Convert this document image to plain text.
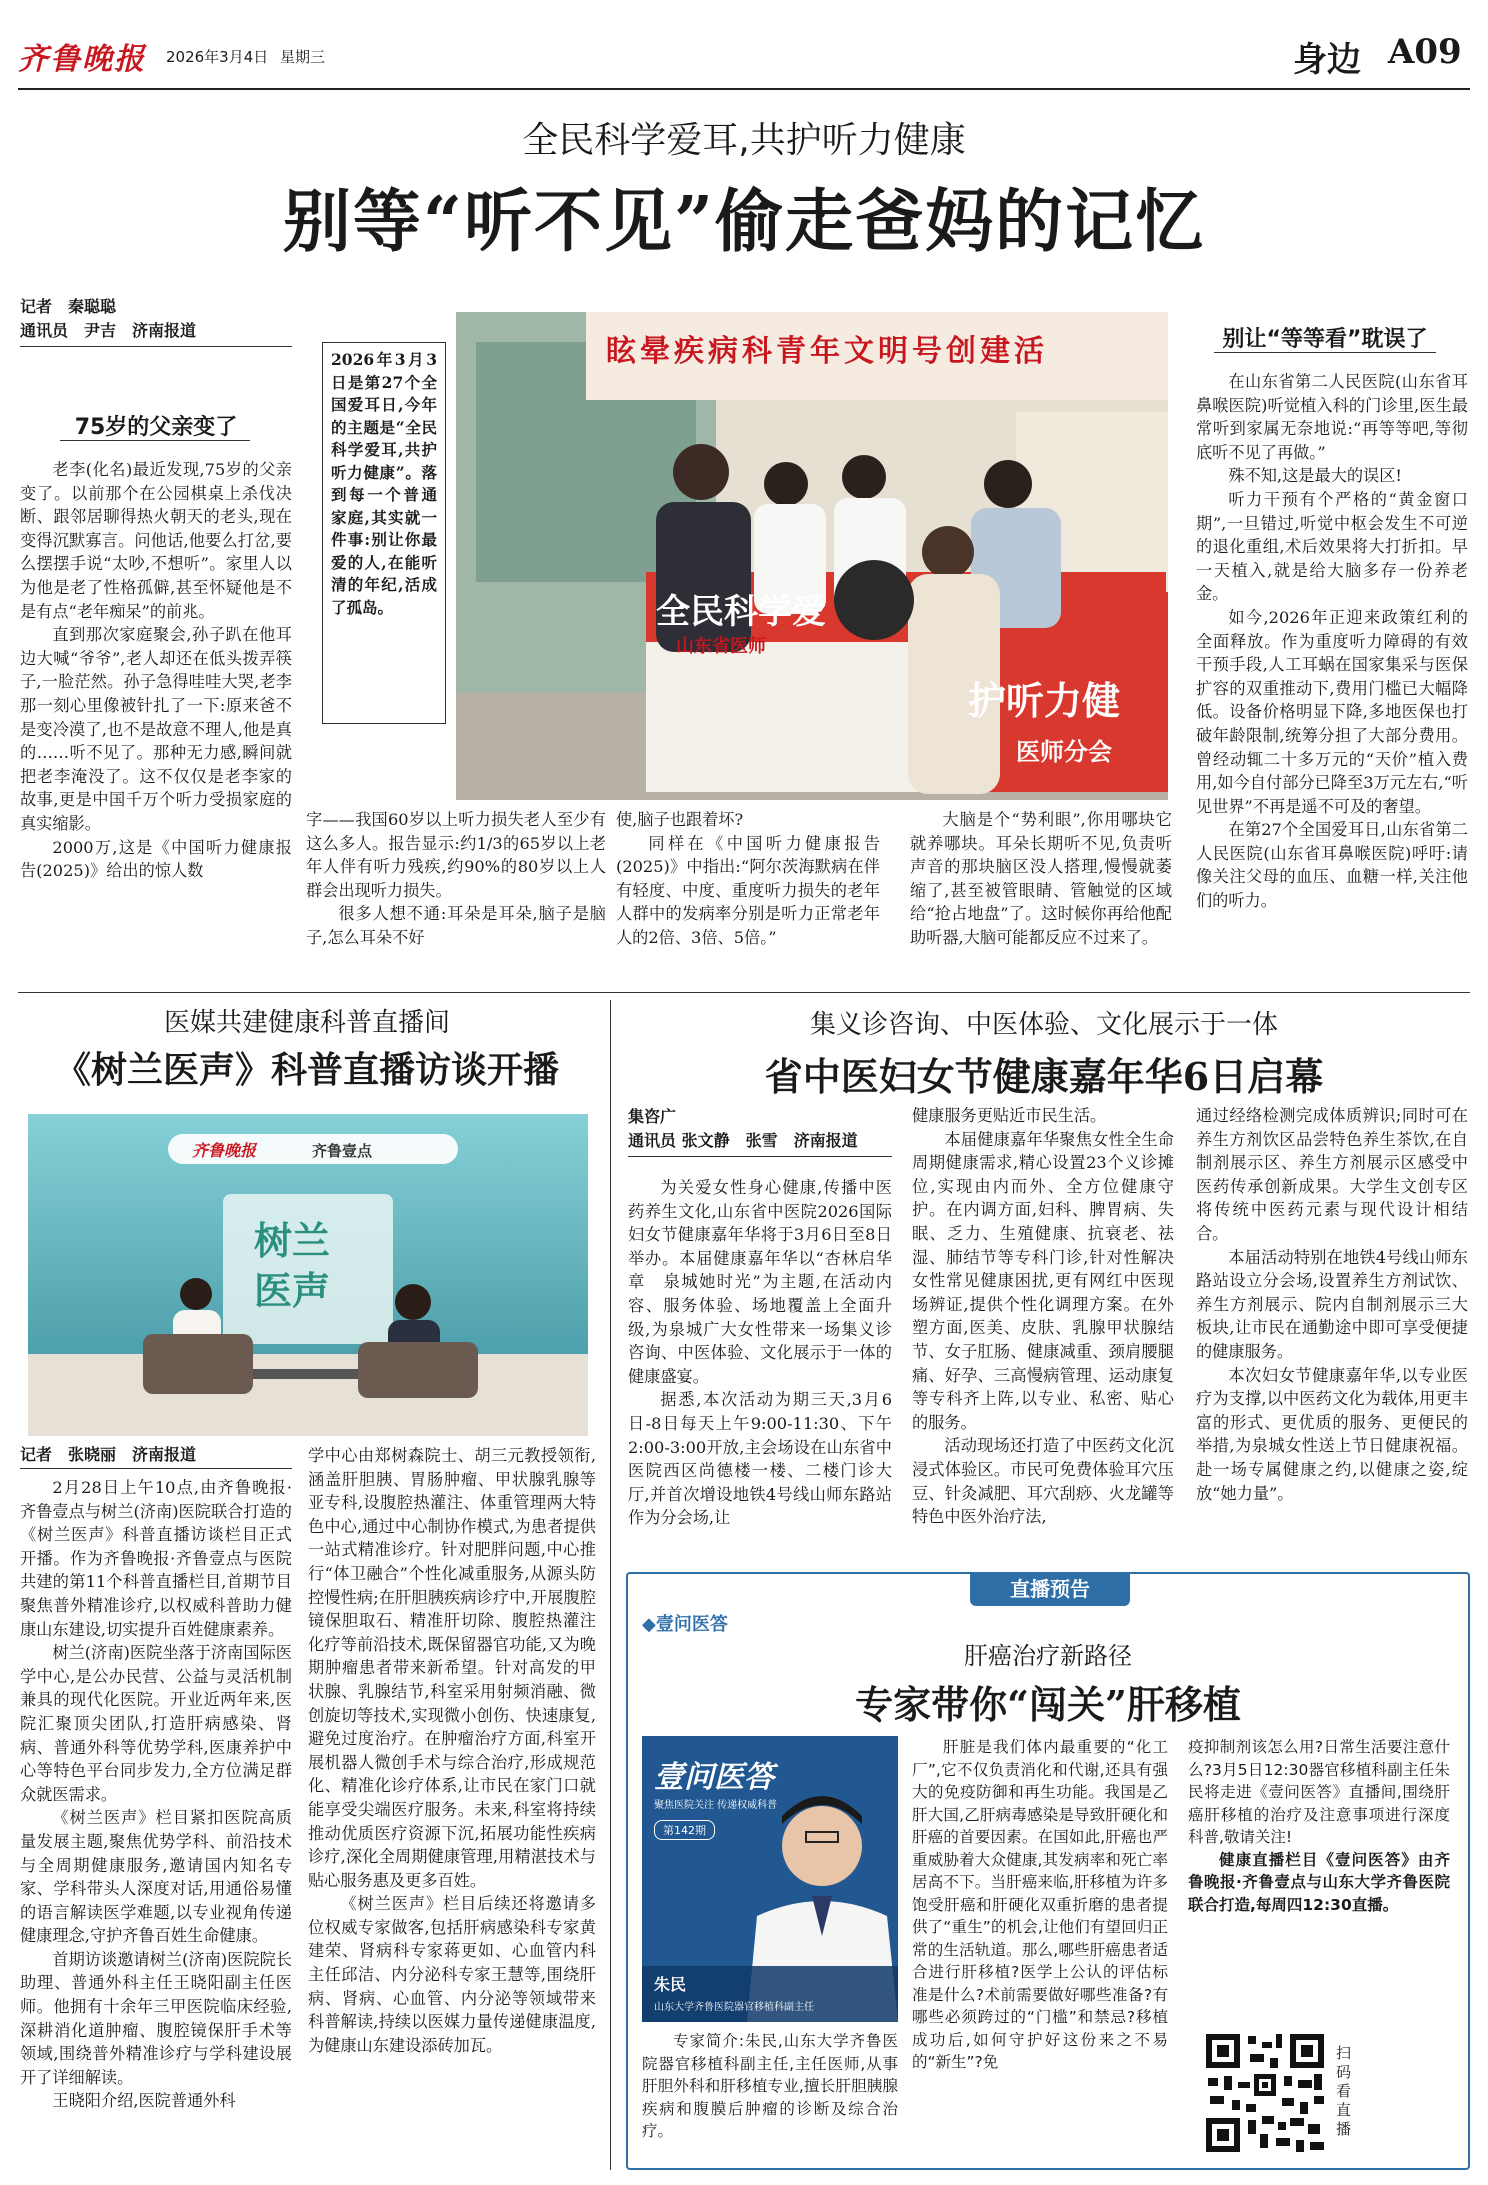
齐鲁晚报 2026年3月4日 星期三	身边 A09
全民科学爱耳,共护听力健康
别等“听不见”偷走爸妈的记忆
记者　秦聪聪
通讯员　尹吉　济南报道
75岁的父亲变了

老李(化名)最近发现,75岁的父亲变了。以前那个在公园棋桌上杀伐决断、跟邻居聊得热火朝天的老头,现在变得沉默寡言。问他话,他要么打岔,要么摆摆手说“太吵,不想听”。家里人以为他是老了性格孤僻,甚至怀疑他是不是有点“老年痴呆”的前兆。

直到那次家庭聚会,孙子趴在他耳边大喊“爷爷”,老人却还在低头拨弄筷子,一脸茫然。孙子急得哇哇大哭,老李那一刻心里像被针扎了一下:原来爸不是变冷漠了,也不是故意不理人,他是真的……听不见了。那种无力感,瞬间就把老李淹没了。这不仅仅是老李家的故事,更是中国千万个听力受损家庭的真实缩影。

2000万,这是《中国听力健康报告(2025)》给出的惊人数

2026年3月3日是第27个全国爱耳日,今年的主题是“全民科学爱耳,共护听力健康”。落到每一个普通家庭,其实就一件事:别让你最爱的人,在能听清的年纪,活成了孤岛。
眩晕疾病科青年文明号创建活
全民科学爱
山东省医师
护听力健
医师分会

字——我国60岁以上听力损失老人至少有这么多人。报告显示:约1/3的65岁以上老年人伴有听力残疾,约90%的80岁以上人群会出现听力损失。

很多人想不通:耳朵是耳朵,脑子是脑子,怎么耳朵不好

使,脑子也跟着坏?

同样在《中国听力健康报告(2025)》中指出:“阿尔茨海默病在伴有轻度、中度、重度听力损失的老年人群中的发病率分别是听力正常老年人的2倍、3倍、5倍。”

大脑是个“势利眼”,你用哪块它就养哪块。耳朵长期听不见,负责听声音的那块脑区没人搭理,慢慢就萎缩了,甚至被管眼睛、管触觉的区域给“抢占地盘”了。这时候你再给他配助听器,大脑可能都反应不过来了。

别让“等等看”耽误了

在山东省第二人民医院(山东省耳鼻喉医院)听觉植入科的门诊里,医生最常听到家属无奈地说:“再等等吧,等彻底听不见了再做。”

殊不知,这是最大的误区!

听力干预有个严格的“黄金窗口期”,一旦错过,听觉中枢会发生不可逆的退化重组,术后效果将大打折扣。早一天植入,就是给大脑多存一份养老金。

如今,2026年正迎来政策红利的全面释放。作为重度听力障碍的有效干预手段,人工耳蜗在国家集采与医保扩容的双重推动下,费用门槛已大幅降低。设备价格明显下降,多地医保也打破年龄限制,统筹分担了大部分费用。曾经动辄二十多万元的“天价”植入费用,如今自付部分已降至3万元左右,“听见世界”不再是遥不可及的奢望。

在第27个全国爱耳日,山东省第二人民医院(山东省耳鼻喉医院)呼吁:请像关注父母的血压、血糖一样,关注他们的听力。

医媒共建健康科普直播间
《树兰医声》科普直播访谈开播
齐鲁晚报	齐鲁壹点
树兰
医声
记者　张晓丽　济南报道

2月28日上午10点,由齐鲁晚报·齐鲁壹点与树兰(济南)医院联合打造的《树兰医声》科普直播访谈栏目正式开播。作为齐鲁晚报·齐鲁壹点与医院共建的第11个科普直播栏目,首期节目聚焦普外精准诊疗,以权威科普助力健康山东建设,切实提升百姓健康素养。

树兰(济南)医院坐落于济南国际医学中心,是公办民营、公益与灵活机制兼具的现代化医院。开业近两年来,医院汇聚顶尖团队,打造肝病感染、肾病、普通外科等优势学科,医康养护中心等特色平台同步发力,全方位满足群众就医需求。

《树兰医声》栏目紧扣医院高质量发展主题,聚焦优势学科、前沿技术与全周期健康服务,邀请国内知名专家、学科带头人深度对话,用通俗易懂的语言解读医学难题,以专业视角传递健康理念,守护齐鲁百姓生命健康。

首期访谈邀请树兰(济南)医院院长助理、普通外科主任王晓阳副主任医师。他拥有十余年三甲医院临床经验,深耕消化道肿瘤、腹腔镜保肝手术等领域,围绕普外精准诊疗与学科建设展开了详细解读。

王晓阳介绍,医院普通外科

学中心由郑树森院士、胡三元教授领衔,涵盖肝胆胰、胃肠肿瘤、甲状腺乳腺等亚专科,设腹腔热灌注、体重管理两大特色中心,通过中心制协作模式,为患者提供一站式精准诊疗。针对肥胖问题,中心推行“体卫融合”个性化减重服务,从源头防控慢性病;在肝胆胰疾病诊疗中,开展腹腔镜保胆取石、精准肝切除、腹腔热灌注化疗等前沿技术,既保留器官功能,又为晚期肿瘤患者带来新希望。针对高发的甲状腺、乳腺结节,科室采用射频消融、微创旋切等技术,实现微小创伤、快速康复,避免过度治疗。在肿瘤治疗方面,科室开展机器人微创手术与综合治疗,形成规范化、精准化诊疗体系,让市民在家门口就能享受尖端医疗服务。未来,科室将持续推动优质医疗资源下沉,拓展功能性疾病诊疗,深化全周期健康管理,用精湛技术与贴心服务惠及更多百姓。

《树兰医声》栏目后续还将邀请多位权威专家做客,包括肝病感染科专家黄建荣、肾病科专家蒋更如、心血管内科主任邱洁、内分泌科专家王慧等,围绕肝病、肾病、心血管、内分泌等领域带来科普解读,持续以医媒力量传递健康温度,为健康山东建设添砖加瓦。

集义诊咨询、中医体验、文化展示于一体
省中医妇女节健康嘉年华6日启幕
集咨广
通讯员 张文静　张雪　济南报道

为关爱女性身心健康,传播中医药养生文化,山东省中医院2026国际妇女节健康嘉年华将于3月6日至8日举办。本届健康嘉年华以“杏林启华章　泉城她时光”为主题,在活动内容、服务体验、场地覆盖上全面升级,为泉城广大女性带来一场集义诊咨询、中医体验、文化展示于一体的健康盛宴。

据悉,本次活动为期三天,3月6日-8日每天上午9:00-11:30、下午2:00-3:00开放,主会场设在山东省中医院西区尚德楼一楼、二楼门诊大厅,并首次增设地铁4号线山师东路站作为分会场,让

健康服务更贴近市民生活。

本届健康嘉年华聚焦女性全生命周期健康需求,精心设置23个义诊摊位,实现由内而外、全方位健康守护。在内调方面,妇科、脾胃病、失眠、乏力、生殖健康、抗衰老、祛湿、肺结节等专科门诊,针对性解决女性常见健康困扰,更有网红中医现场辨证,提供个性化调理方案。在外塑方面,医美、皮肤、乳腺甲状腺结节、女子肛肠、健康减重、颈肩腰腿痛、好孕、三高慢病管理、运动康复等专科齐上阵,以专业、私密、贴心的服务。

活动现场还打造了中医药文化沉浸式体验区。市民可免费体验耳穴压豆、针灸减肥、耳穴刮痧、火龙罐等特色中医外治疗法,

通过经络检测完成体质辨识;同时可在养生方剂饮区品尝特色养生茶饮,在自制剂展示区、养生方剂展示区感受中医药传承创新成果。大学生文创专区将传统中医药元素与现代设计相结合。

本届活动特别在地铁4号线山师东路站设立分会场,设置养生方剂试饮、养生方剂展示、院内自制剂展示三大板块,让市民在通勤途中即可享受便捷的健康服务。

本次妇女节健康嘉年华,以专业医疗为支撑,以中医药文化为载体,用更丰富的形式、更优质的服务、更便民的举措,为泉城女性送上节日健康祝福。赴一场专属健康之约,以健康之姿,绽放“她力量”。

直播预告
◆壹问医答
肝癌治疗新路径
专家带你“闯关”肝移植
壹问医答
聚焦医院关注 传递权威科普
第142期
朱民
山东大学齐鲁医院器官移植科副主任

专家简介:朱民,山东大学齐鲁医院器官移植科副主任,主任医师,从事肝胆外科和肝移植专业,擅长肝胆胰腺疾病和腹膜后肿瘤的诊断及综合治疗。

肝脏是我们体内最重要的“化工厂”,它不仅负责消化和代谢,还具有强大的免疫防御和再生功能。我国是乙肝大国,乙肝病毒感染是导致肝硬化和肝癌的首要因素。在国如此,肝癌也严重威胁着大众健康,其发病率和死亡率居高不下。当肝癌来临,肝移植为许多饱受肝癌和肝硬化双重折磨的患者提供了“重生”的机会,让他们有望回归正常的生活轨道。那么,哪些肝癌患者适合进行肝移植?医学上公认的评估标准是什么?术前需要做好哪些准备?有哪些必须跨过的“门槛”和禁忌?移植成功后,如何守护好这份来之不易的“新生”?免

疫抑制剂该怎么用?日常生活要注意什么?3月5日12:30器官移植科副主任朱民将走进《壹问医答》直播间,围绕肝癌肝移植的治疗及注意事项进行深度科普,敬请关注!

健康直播栏目《壹问医答》由齐鲁晚报·齐鲁壹点与山东大学齐鲁医院联合打造,每周四12:30直播。

扫码看直播
